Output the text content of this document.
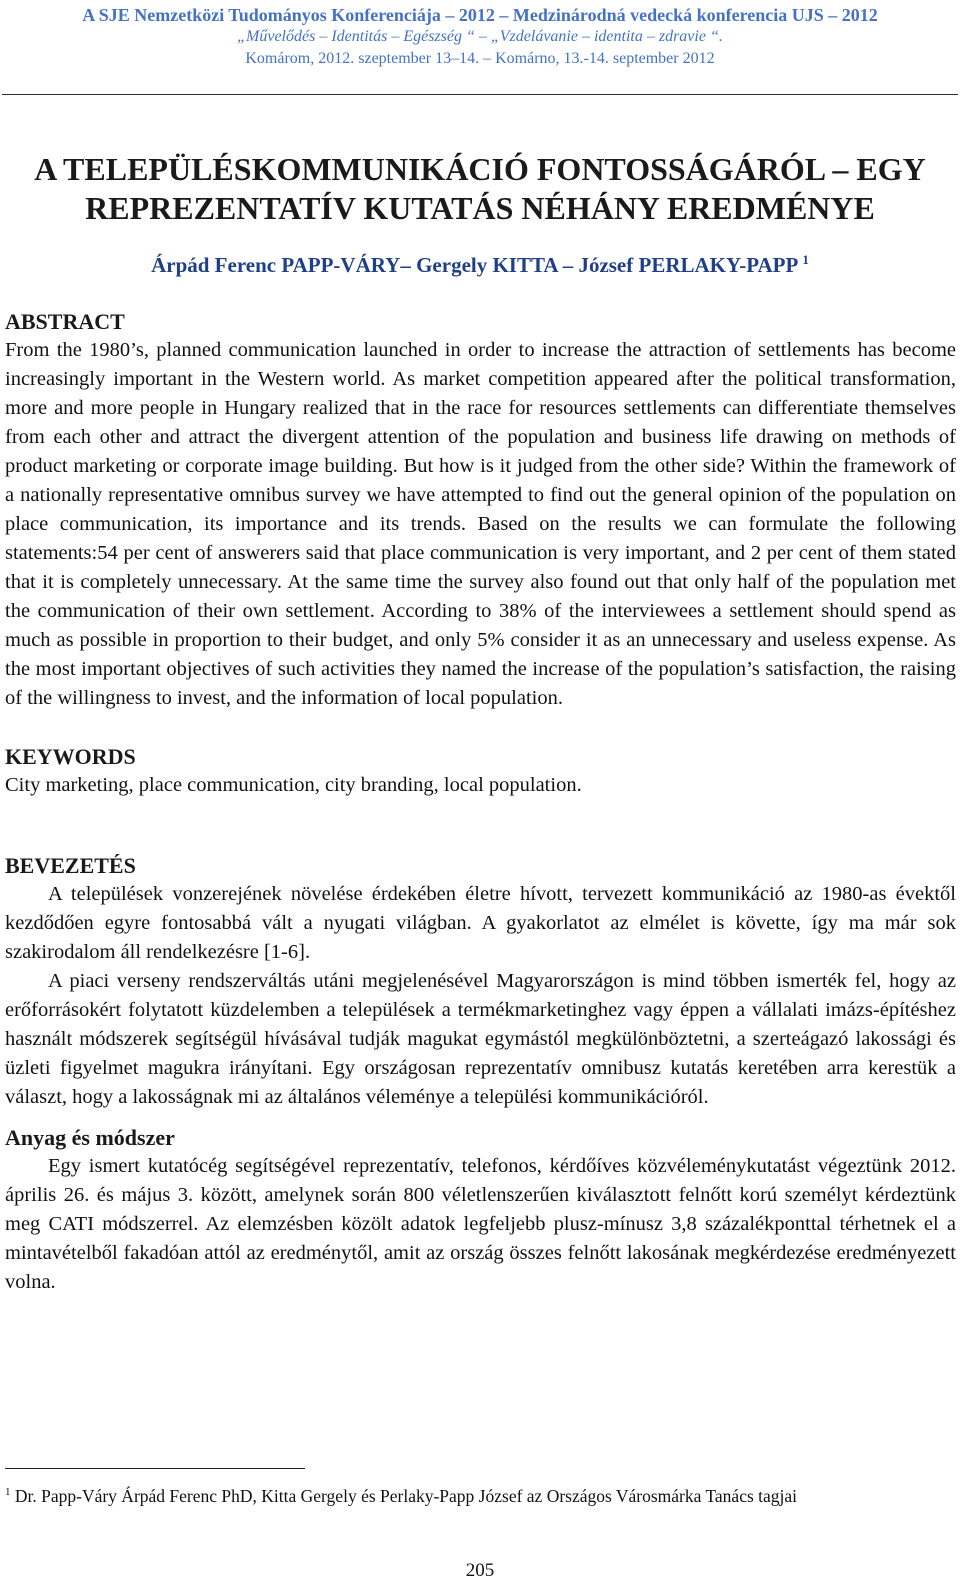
A SJE Nemzetközi Tudományos Konferenciája – 2012 – Medzinárodná vedecká konferencia UJS – 2012
„Művelődés – Identitás – Egészség “ – „Vzdelávanie – identita – zdravie “.
Komárom, 2012. szeptember 13–14. – Komárno, 13.-14. september 2012
A TELEPÜLÉSKOMMUNIKÁCIÓ FONTOSSÁGÁRÓL – EGY
REPREZENTATÍV KUTATÁS NÉHÁNY EREDMÉNYE
Árpád Ferenc PAPP-VÁRY– Gergely KITTA – József PERLAKY-PAPP $^1$
ABSTRACT

From the 1980’s, planned communication launched in order to increase the attraction of settlements has become increasingly important in the Western world. As market competition appeared after the political transformation, more and more people in Hungary realized that in the race for resources settlements can differentiate themselves from each other and attract the divergent attention of the population and business life drawing on methods of product marketing or corporate image building. But how is it judged from the other side? Within the framework of a nationally representative omnibus survey we have attempted to find out the general opinion of the population on place communication, its importance and its trends. Based on the results we can formulate the following statements:54 per cent of answerers said that place communication is very important, and 2 per cent of them stated that it is completely unnecessary. At the same time the survey also found out that only half of the population met the communication of their own settlement. According to 38% of the interviewees a settlement should spend as much as possible in proportion to their budget, and only 5% consider it as an unnecessary and useless expense. As the most important objectives of such activities they named the increase of the population’s satisfaction, the raising of the willingness to invest, and the information of local population.

KEYWORDS

City marketing, place communication, city branding, local population.

BEVEZETÉS

A települések vonzerejének növelése érdekében életre hívott, tervezett kommunikáció az 1980-as évektől kezdődően egyre fontosabbá vált a nyugati világban. A gyakorlatot az elmélet is követte, így ma már sok szakirodalom áll rendelkezésre [1-6].

A piaci verseny rendszerváltás utáni megjelenésével Magyarországon is mind többen ismerték fel, hogy az erőforrásokért folytatott küzdelemben a települések a termékmarketinghez vagy éppen a vállalati imázs-építéshez használt módszerek segítségül hívásával tudják magukat egymástól megkülönböztetni, a szerteágazó lakossági és üzleti figyelmet magukra irányítani. Egy országosan reprezentatív omnibusz kutatás keretében arra kerestük a választ, hogy a lakosságnak mi az általános véleménye a települési kommunikációról.

Anyag és módszer

Egy ismert kutatócég segítségével reprezentatív, telefonos, kérdőíves közvéleménykutatást végeztünk 2012. április 26. és május 3. között, amelynek során 800 véletlenszerűen kiválasztott felnőtt korú személyt kérdeztünk meg CATI módszerrel. Az elemzésben közölt adatok legfeljebb plusz-mínusz 3,8 százalékponttal térhetnek el a mintavételből fakadóan attól az eredménytől, amit az ország összes felnőtt lakosának megkérdezése eredményezett volna.

$^1$ Dr. Papp-Váry Árpád Ferenc PhD, Kitta Gergely és Perlaky-Papp József az Országos Városmárka Tanács tagjai
205
